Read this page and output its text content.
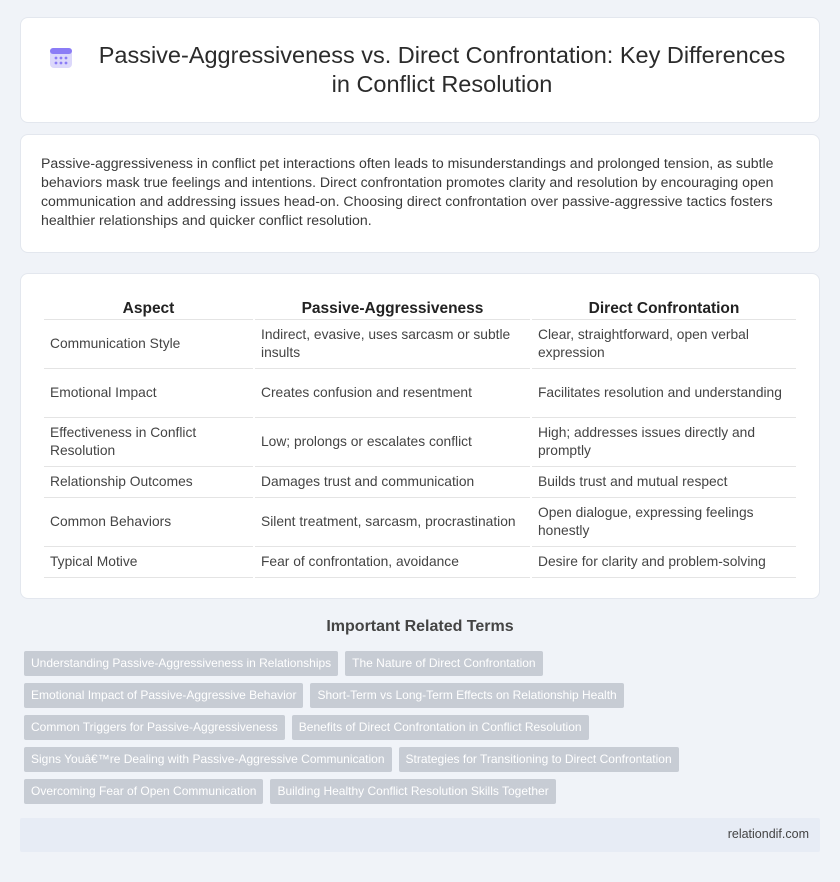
Passive-Aggressiveness vs. Direct Confrontation: Key Differences in Conflict Resolution

Passive-aggressiveness in conflict pet interactions often leads to misunderstandings and prolonged tension, as subtle behaviors mask true feelings and intentions. Direct confrontation promotes clarity and resolution by encouraging open communication and addressing issues head-on. Choosing direct confrontation over passive-aggressive tactics fosters healthier relationships and quicker conflict resolution.

Aspect	Passive-Aggressiveness	Direct Confrontation
Communication Style	Indirect, evasive, uses sarcasm or subtle insults	Clear, straightforward, open verbal expression
Emotional Impact	Creates confusion and resentment	Facilitates resolution and understanding
Effectiveness in Conflict Resolution	Low; prolongs or escalates conflict	High; addresses issues directly and promptly
Relationship Outcomes	Damages trust and communication	Builds trust and mutual respect
Common Behaviors	Silent treatment, sarcasm, procrastination	Open dialogue, expressing feelings honestly
Typical Motive	Fear of confrontation, avoidance	Desire for clarity and problem-solving
Important Related Terms
Understanding Passive-Aggressiveness in Relationships	The Nature of Direct Confrontation
Emotional Impact of Passive-Aggressive Behavior	Short-Term vs Long-Term Effects on Relationship Health
Common Triggers for Passive-Aggressiveness	Benefits of Direct Confrontation in Conflict Resolution
Signs Youâ€™re Dealing with Passive-Aggressive Communication	Strategies for Transitioning to Direct Confrontation
Overcoming Fear of Open Communication	Building Healthy Conflict Resolution Skills Together
relationdif.com
